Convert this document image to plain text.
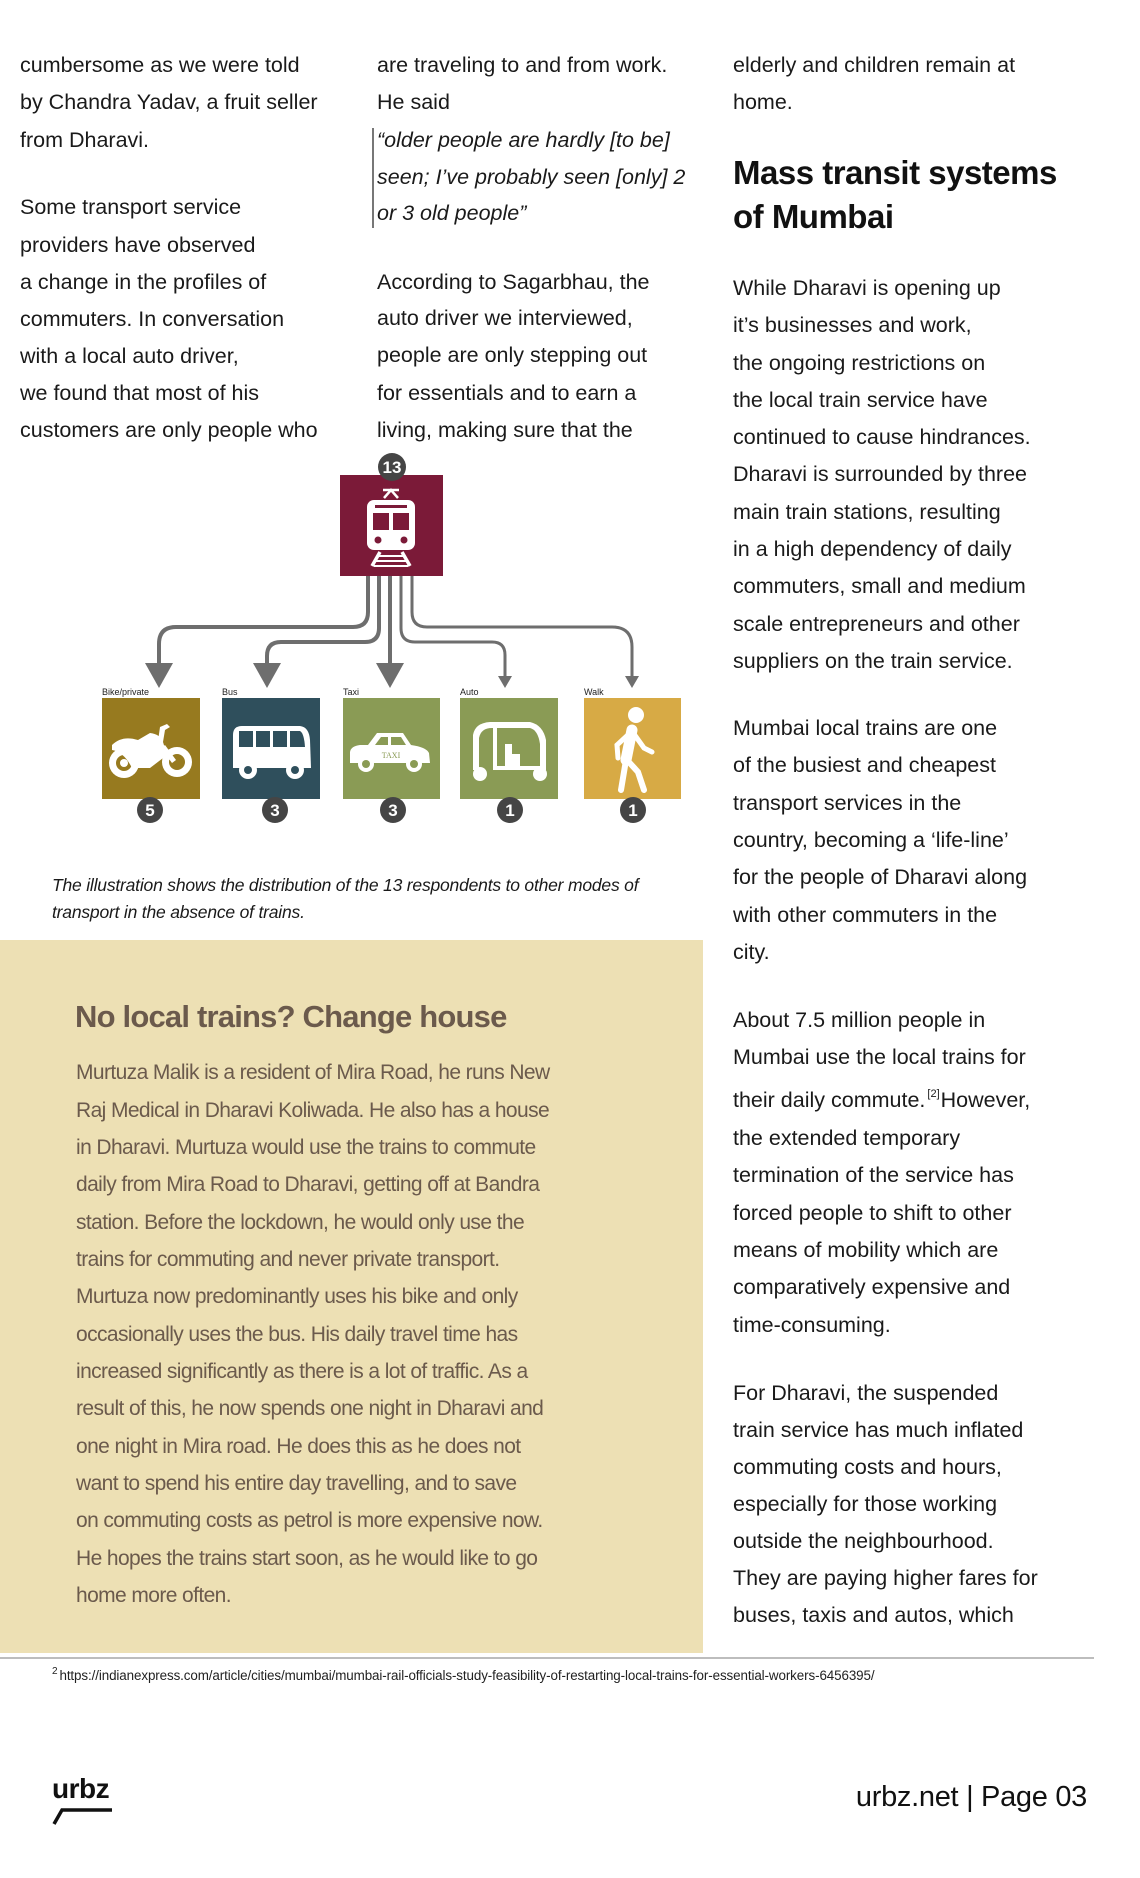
cumbersome as we were told
by Chandra Yadav, a fruit seller
from Dharavi.
Some transport service
providers have observed
a change in the profiles of
commuters. In conversation
with a local auto driver,
we found that most of his
customers are only people who
are traveling to and from work.
He said
“older people are hardly [to be]
seen; I’ve probably seen [only] 2
or 3 old people”
According to Sagarbhau, the
auto driver we interviewed,
people are only stepping out
for essentials and to earn a
living, making sure that the
elderly and children remain at
home.
Mass transit systems
of Mumbai
While Dharavi is opening up
it’s businesses and work,
the ongoing restrictions on
the local train service have
continued to cause hindrances.
Dharavi is surrounded by three
main train stations, resulting
in a high dependency of daily
commuters, small and medium
scale entrepreneurs and other
suppliers on the train service.
Mumbai local trains are one
of the busiest and cheapest
transport services in the
country, becoming a ‘life-line’
for the people of Dharavi along
with other commuters in the
city.
About 7.5 million people in
Mumbai use the local trains for
their daily commute. [2]However,
the extended temporary
termination of the service has
forced people to shift to other
means of mobility which are
comparatively expensive and
time-consuming.
For Dharavi, the suspended
train service has much inflated
commuting costs and hours,
especially for those working
outside the neighbourhood.
They are paying higher fares for
buses, taxis and autos, which
13
Bike/private
5
Bus
3
Taxi
TAXI
3
Auto
1
Walk
1
The illustration shows the distribution of the 13 respondents to other modes of
transport in the absence of trains.
No local trains? Change house
Murtuza Malik is a resident of Mira Road, he runs New
Raj Medical in Dharavi Koliwada. He also has a house
in Dharavi. Murtuza would use the trains to commute
daily from Mira Road to Dharavi, getting off at Bandra
station. Before the lockdown, he would only use the
trains for commuting and never private transport.
Murtuza now predominantly uses his bike and only
occasionally uses the bus. His daily travel time has
increased significantly as there is a lot of traffic. As a
result of this, he now spends one night in Dharavi and
one night in Mira road. He does this as he does not
want to spend his entire day travelling, and to save
on commuting costs as petrol is more expensive now.
He hopes the trains start soon, as he would like to go
home more often.
$^2$ https://indianexpress.com/article/cities/mumbai/mumbai-rail-officials-study-feasibility-of-restarting-local-trains-for-essential-workers-6456395/
urbz	urbz.net | Page 03
